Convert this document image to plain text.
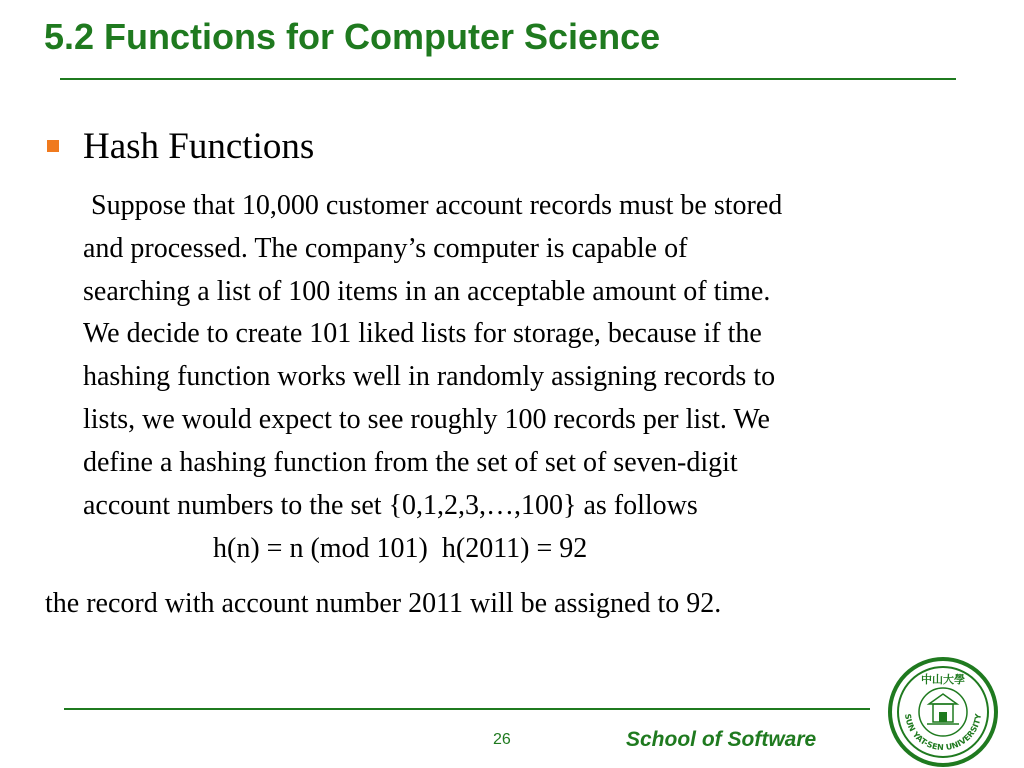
5.2 Functions for Computer Science
Hash Functions
Suppose that 10,000 customer account records must be stored
and processed. The company’s computer is capable of
searching a list of 100 items in an acceptable amount of time.
We decide to create 101 liked lists for storage, because if the
hashing function works well in randomly assigning records to
lists, we would expect to see roughly 100 records per list. We
define a hashing function from the set of set of seven-digit
account numbers to the set {0,1,2,3,…,100} as follows
h(n) = n (mod 101)  h(2011) = 92
the record with account number 2011 will be assigned to 92.
26	School of Software
中山大學
SUN YAT-SEN UNIVERSITY
